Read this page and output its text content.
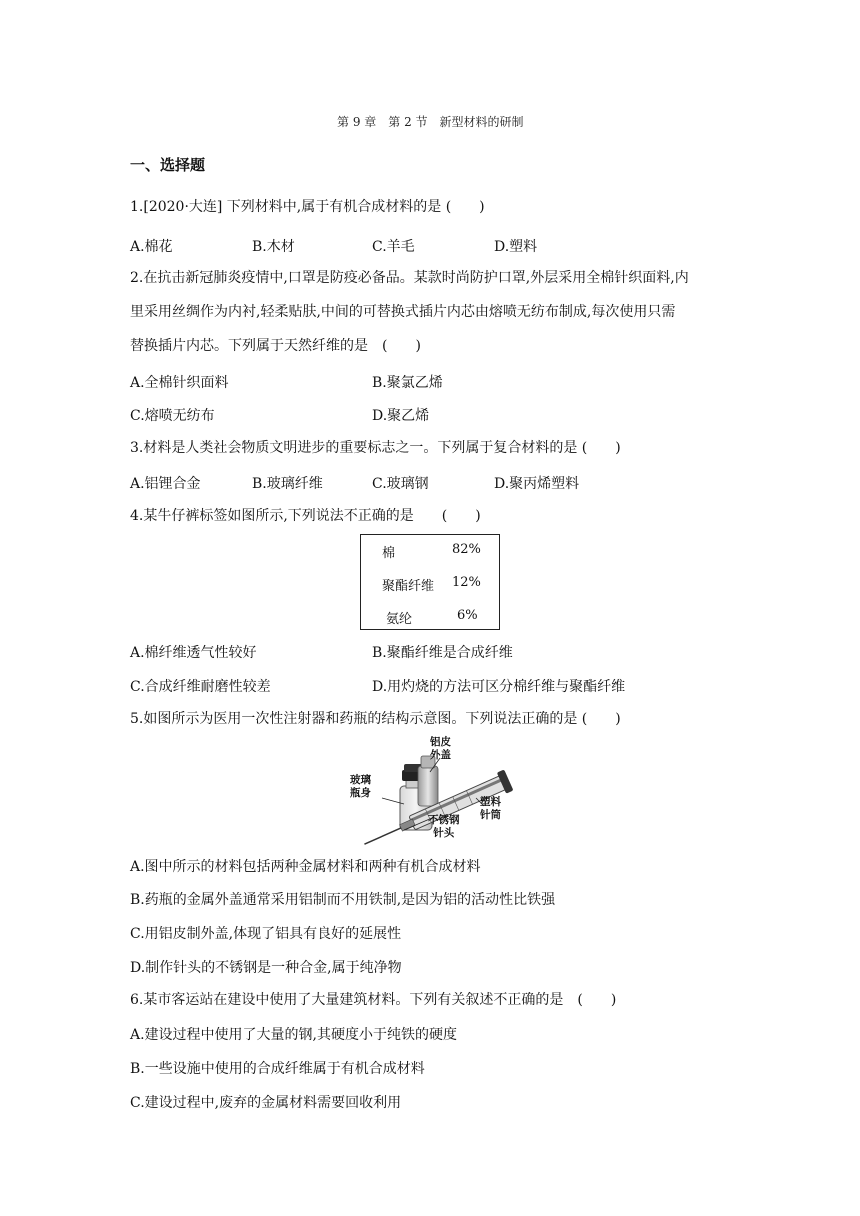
第 9 章　第 2 节　新型材料的研制
一、选择题
1.[2020·大连] 下列材料中,属于有机合成材料的是 (　　)
A.棉花	B.木材	C.羊毛	D.塑料
2.在抗击新冠肺炎疫情中,口罩是防疫必备品。某款时尚防护口罩,外层采用全棉针织面料,内
里采用丝绸作为内衬,轻柔贴肤,中间的可替换式插片内芯由熔喷无纺布制成,每次使用只需
替换插片内芯。下列属于天然纤维的是　(　　)
A.全棉针织面料	B.聚氯乙烯
C.熔喷无纺布	D.聚乙烯
3.材料是人类社会物质文明进步的重要标志之一。下列属于复合材料的是 (　　)
A.铝锂合金	B.玻璃纤维	C.玻璃钢	D.聚丙烯塑料
4.某牛仔裤标签如图所示,下列说法不正确的是　　(　　)
棉	82%
聚酯纤维 12%
氨纶	6%
A.棉纤维透气性较好	B.聚酯纤维是合成纤维
C.合成纤维耐磨性较差	D.用灼烧的方法可区分棉纤维与聚酯纤维
5.如图所示为医用一次性注射器和药瓶的结构示意图。下列说法正确的是 (　　)
铝皮
外盖
玻璃
瓶身
塑料
针筒
不锈钢
针头
A.图中所示的材料包括两种金属材料和两种有机合成材料
B.药瓶的金属外盖通常采用铝制而不用铁制,是因为铝的活动性比铁强
C.用铝皮制外盖,体现了铝具有良好的延展性
D.制作针头的不锈钢是一种合金,属于纯净物
6.某市客运站在建设中使用了大量建筑材料。下列有关叙述不正确的是　(　　)
A.建设过程中使用了大量的钢,其硬度小于纯铁的硬度
B.一些设施中使用的合成纤维属于有机合成材料
C.建设过程中,废弃的金属材料需要回收利用
